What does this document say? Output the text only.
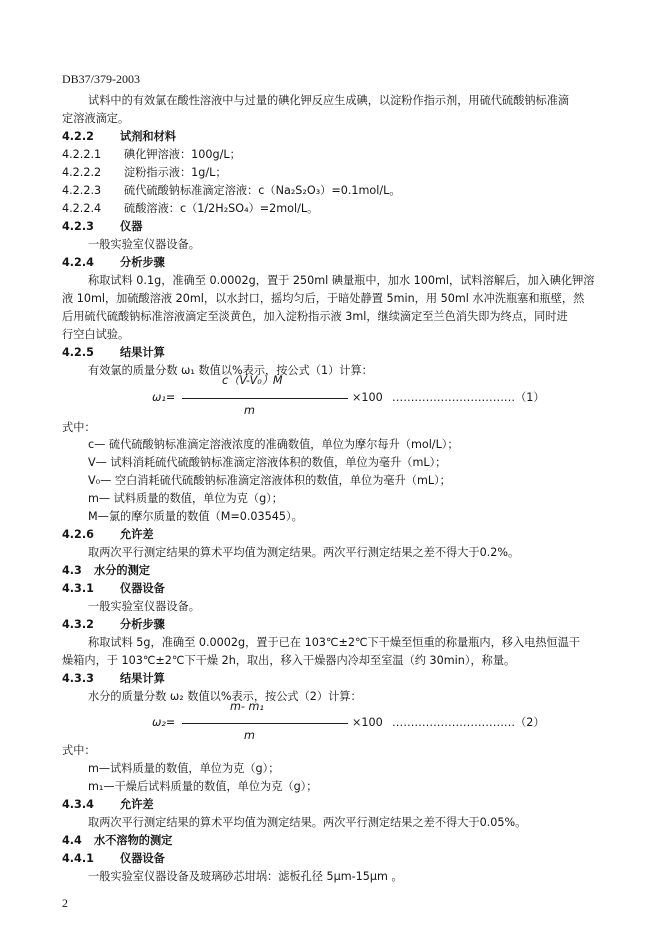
DB37/379-2003
试料中的有效氯在酸性溶液中与过量的碘化钾反应生成碘，以淀粉作指示剂，用硫代硫酸钠标准滴
定溶液滴定。
4.2.2 试剂和材料
4.2.2.1 碘化钾溶液：100g/L；
4.2.2.2 淀粉指示液：1g/L；
4.2.2.3 硫代硫酸钠标准滴定溶液：c（Na₂S₂O₃）=0.1mol/L。
4.2.2.4 硫酸溶液：c（1/2H₂SO₄）=2mol/L。
4.2.3 仪器
一般实验室仪器设备。
4.2.4 分析步骤
称取试料 0.1g，准确至 0.0002g，置于 250ml 碘量瓶中，加水 100ml，试料溶解后，加入碘化钾溶
液 10ml，加硫酸溶液 20ml，以水封口，摇均匀后，于暗处静置 5min，用 50ml 水冲洗瓶塞和瓶壁，然
后用硫代硫酸钠标准溶液滴定至淡黄色，加入淀粉指示液 3ml，继续滴定至兰色消失即为终点，同时进
行空白试验。
4.2.5 结果计算
有效氯的质量分数 ω₁ 数值以%表示，按公式（1）计算：
c（V-V₀）M
ω₁=	×100 ……………………………（1）
m
式中：
c— 硫代硫酸钠标准滴定溶液浓度的准确数值，单位为摩尔每升（mol/L）；
V— 试料消耗硫代硫酸钠标准滴定溶液体积的数值，单位为毫升（mL）；
V₀— 空白消耗硫代硫酸钠标准滴定溶液体积的数值，单位为毫升（mL）；
m— 试料质量的数值，单位为克（g）；
M—氯的摩尔质量的数值（M=0.03545）。
4.2.6 允许差
取两次平行测定结果的算术平均值为测定结果。两次平行测定结果之差不得大于0.2%。
4.3 水分的测定
4.3.1 仪器设备
一般实验室仪器设备。
4.3.2 分析步骤
称取试料 5g，准确至 0.0002g，置于已在 103℃±2℃下干燥至恒重的称量瓶内，移入电热恒温干
燥箱内，于 103℃±2℃下干燥 2h，取出，移入干燥器内冷却至室温（约 30min），称量。
4.3.3 结果计算
水分的质量分数 ω₂ 数值以%表示，按公式（2）计算：
m- m₁
ω₂=	×100 ……………………………（2）
m
式中：
m—试料质量的数值，单位为克（g）；
m₁—干燥后试料质量的数值，单位为克（g）；
4.3.4 允许差
取两次平行测定结果的算术平均值为测定结果。两次平行测定结果之差不得大于0.05%。
4.4 水不溶物的测定
4.4.1 仪器设备
一般实验室仪器设备及玻璃砂芯坩埚：滤板孔径 5μm-15μm 。
2
